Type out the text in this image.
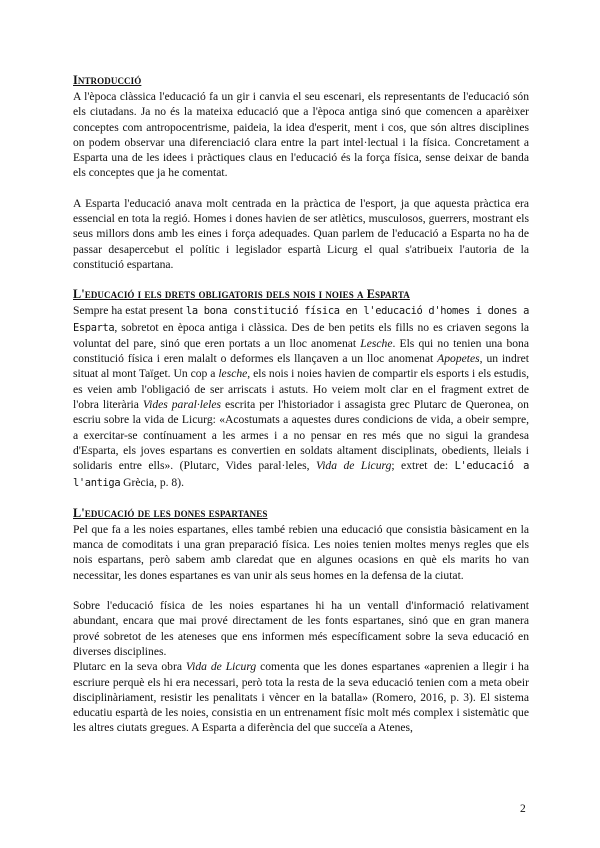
Introducció

A l'època clàssica l'educació fa un gir i canvia el seu escenari, els representants de l'educació són els ciutadans. Ja no és la mateixa educació que a l'època antiga sinó que comencen a aparèixer conceptes com antropocentrisme, paideia, la idea d'esperit, ment i cos, que són altres disciplines on podem observar una diferenciació clara entre la part intel·lectual i la física. Concretament a Esparta una de les idees i pràctiques claus en l'educació és la força física, sense deixar de banda els conceptes que ja he comentat.

A Esparta l'educació anava molt centrada en la pràctica de l'esport, ja que aquesta pràctica era essencial en tota la regió. Homes i dones havien de ser atlètics, musculosos, guerrers, mostrant els seus millors dons amb les eines i força adequades. Quan parlem de l'educació a Esparta no ha de passar desapercebut el polític i legislador espartà Licurg el qual s'atribueix l'autoria de la constitució espartana.

L'educació i els drets obligatoris dels nois i noies a Esparta

Sempre ha estat present la bona constitució física en l'educació d'homes i dones a Esparta, sobretot en època antiga i clàssica. Des de ben petits els fills no es criaven segons la voluntat del pare, sinó que eren portats a un lloc anomenat Lesche. Els qui no tenien una bona constitució física i eren malalt o deformes els llançaven a un lloc anomenat Apopetes, un indret situat al mont Taïget. Un cop a lesche, els nois i noies havien de compartir els esports i els estudis, es veien amb l'obligació de ser arriscats i astuts. Ho veiem molt clar en el fragment extret de l'obra literària Vides paral·leles escrita per l'historiador i assagista grec Plutarc de Queronea, on escriu sobre la vida de Licurg: «Acostumats a aquestes dures condicions de vida, a obeir sempre, a exercitar-se contínuament a les armes i a no pensar en res més que no sigui la grandesa d'Esparta, els joves espartans es convertien en soldats altament disciplinats, obedients, lleials i solidaris entre ells». (Plutarc, Vides paral·leles, Vida de Licurg; extret de: L'educació a l'antiga Grècia, p. 8).

L'educació de les dones espartanes

Pel que fa a les noies espartanes, elles també rebien una educació que consistia bàsicament en la manca de comoditats i una gran preparació física. Les noies tenien moltes menys regles que els nois espartans, però sabem amb claredat que en algunes ocasions en què els marits ho van necessitar, les dones espartanes es van unir als seus homes en la defensa de la ciutat.

Sobre l'educació física de les noies espartanes hi ha un ventall d'informació relativament abundant, encara que mai prové directament de les fonts espartanes, sinó que en gran manera prové sobretot de les ateneses que ens informen més específicament sobre la seva educació en diverses disciplines.

Plutarc en la seva obra Vida de Licurg comenta que les dones espartanes «aprenien a llegir i ha escriure perquè els hi era necessari, però tota la resta de la seva educació tenien com a meta obeir disciplinàriament, resistir les penalitats i vèncer en la batalla» (Romero, 2016, p. 3). El sistema educatiu espartà de les noies, consistia en un entrenament físic molt més complex i sistemàtic que les altres ciutats gregues. A Esparta a diferència del que succeïa a Atenes,

2
